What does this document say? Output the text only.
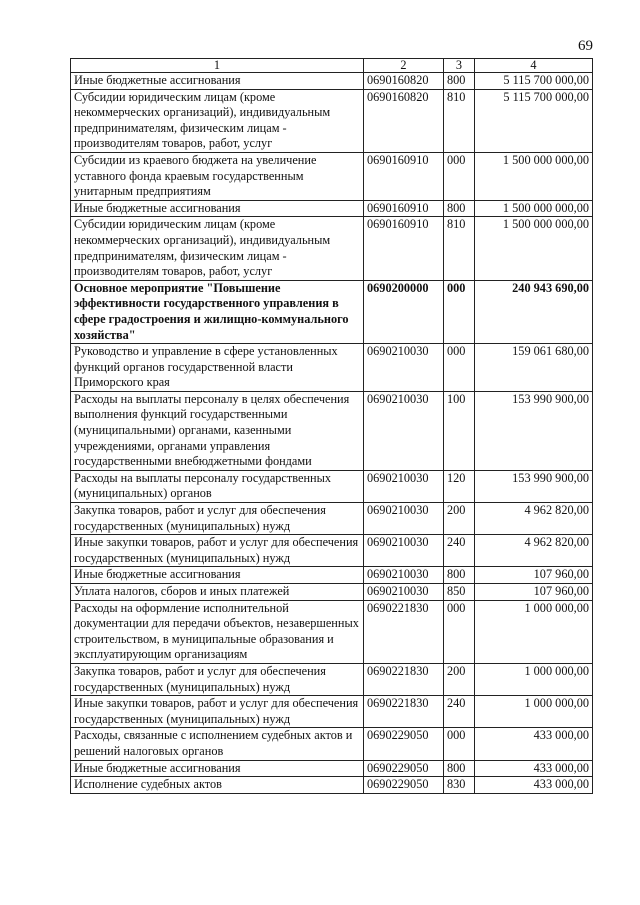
69
1	2	3	4
Иные бюджетные ассигнования	0690160820	800	5 115 700 000,00
Субсидии юридическим лицам (кроме некоммерческих организаций), индивидуальным предпринимателям, физическим лицам - производителям товаров, работ, услуг	0690160820	810	5 115 700 000,00
Субсидии из краевого бюджета на увеличение уставного фонда краевым государственным унитарным предприятиям	0690160910	000	1 500 000 000,00
Иные бюджетные ассигнования	0690160910	800	1 500 000 000,00
Субсидии юридическим лицам (кроме некоммерческих организаций), индивидуальным предпринимателям, физическим лицам - производителям товаров, работ, услуг	0690160910	810	1 500 000 000,00
Основное мероприятие "Повышение эффективности государственного управления в сфере градостроения и жилищно-коммунального хозяйства"	0690200000	000	240 943 690,00
Руководство и управление в сфере установленных функций органов государственной власти Приморского края	0690210030	000	159 061 680,00
Расходы на выплаты персоналу в целях обеспечения выполнения функций государственными (муниципальными) органами, казенными учреждениями, органами управления государственными внебюджетными фондами	0690210030	100	153 990 900,00
Расходы на выплаты персоналу государственных (муниципальных) органов	0690210030	120	153 990 900,00
Закупка товаров, работ и услуг для обеспечения государственных (муниципальных) нужд	0690210030	200	4 962 820,00
Иные закупки товаров, работ и услуг для обеспечения государственных (муниципальных) нужд	0690210030	240	4 962 820,00
Иные бюджетные ассигнования	0690210030	800	107 960,00
Уплата налогов, сборов и иных платежей	0690210030	850	107 960,00
Расходы на оформление исполнительной документации для передачи объектов, незавершенных строительством, в муниципальные образования и эксплуатирующим организациям	0690221830	000	1 000 000,00
Закупка товаров, работ и услуг для обеспечения государственных (муниципальных) нужд	0690221830	200	1 000 000,00
Иные закупки товаров, работ и услуг для обеспечения государственных (муниципальных) нужд	0690221830	240	1 000 000,00
Расходы, связанные с исполнением судебных актов и решений налоговых органов	0690229050	000	433 000,00
Иные бюджетные ассигнования	0690229050	800	433 000,00
Исполнение судебных актов	0690229050	830	433 000,00
